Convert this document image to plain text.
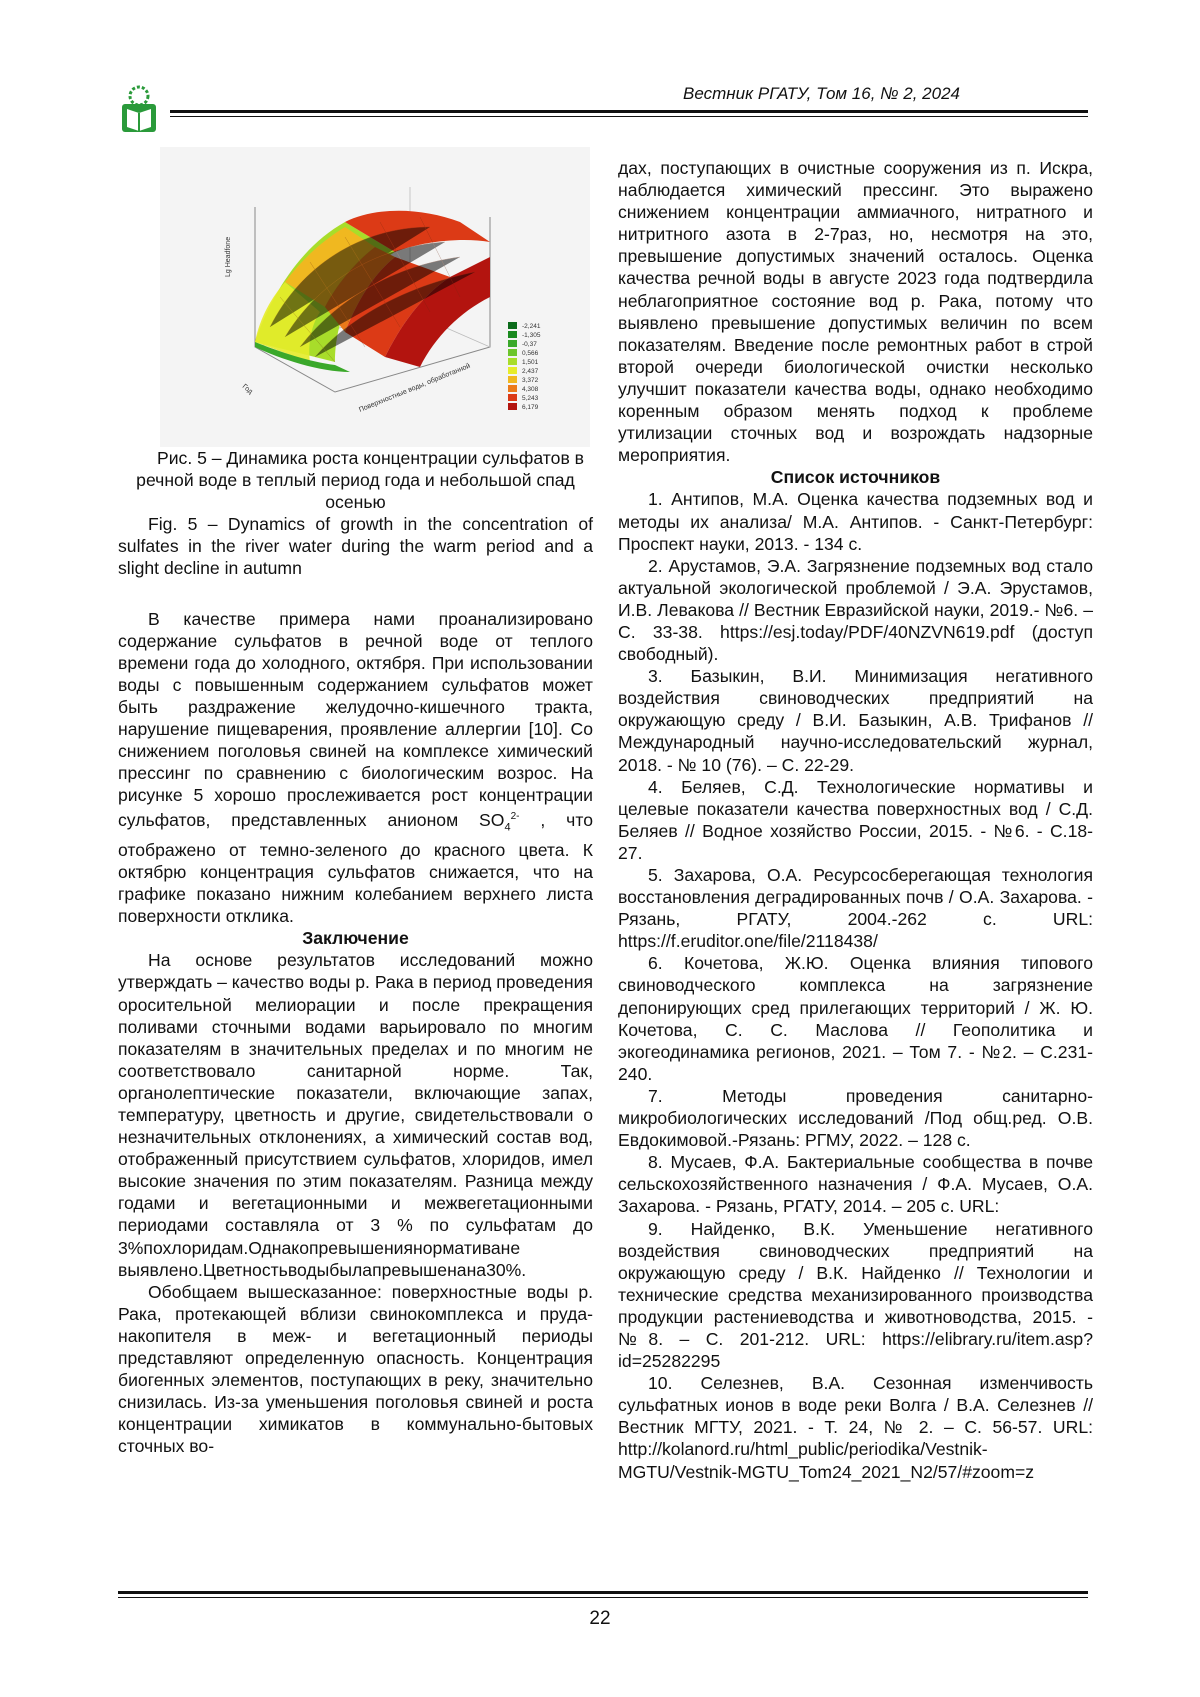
Вестник РГАТУ, Том 16, № 2, 2024
Lg Headfone
Поверхностные воды, обработанной
Год
-2,241
-1,305
-0,37
0,566
1,501
2,437
3,372
4,308
5,243
6,179

Рис. 5 – Динамика роста концентрации сульфатов в речной воде в теплый период года и небольшой спад осенью

Fig. 5 – Dynamics of growth in the concentration of sulfates in the river water during the warm period and a slight decline in autumn

В качестве примера нами проанализировано содержание сульфатов в речной воде от теплого времени года до холодного, октября. При использовании воды с повышенным содержанием сульфатов может быть раздражение желудочно-кишечного тракта, нарушение пищеварения, проявление аллергии [10]. Со снижением поголовья свиней на комплексе химический прессинг по сравнению с биологическим возрос. На рисунке 5 хорошо прослеживается рост концентрации сульфатов, представленных анионом $SO_4^{2-}$ , что отображено от темно-зеленого до красного цвета. К октябрю концентрация сульфатов снижается, что на графике показано нижним колебанием верхнего листа поверхности отклика.

Заключение

На основе результатов исследований можно утверждать – качество воды р. Рака в период проведения оросительной мелиорации и после прекращения поливами сточными водами варьировало по многим показателям в значительных пределах и по многим не соответствовало санитарной норме. Так, органолептические показатели, включающие запах, температуру, цветность и другие, свидетельствовали о незначительных отклонениях, а химический состав вод, отображенный присутствием сульфатов, хлоридов, имел высокие значения по этим показателям. Разница между годами и вегетационными и межвегетационными периодами составляла от 3 % по сульфатам до 3%похлоридам.Однакопревышениянормативане выявлено.Цветностьводыбылапревышенана30%.

Обобщаем вышесказанное: поверхностные воды р. Рака, протекающей вблизи свинокомплекса и пруда-накопителя в меж- и вегетационный периоды представляют определенную опасность. Концентрация биогенных элементов, поступающих в реку, значительно снизилась. Из-за уменьшения поголовья свиней и роста концентрации химикатов в коммунально-бытовых сточных во-

дах, поступающих в очистные сооружения из п. Искра, наблюдается химический прессинг. Это выражено снижением концентрации аммиачного, нитратного и нитритного азота в 2-7раз, но, несмотря на это, превышение допустимых значений осталось. Оценка качества речной воды в августе 2023 года подтвердила неблагоприятное состояние вод р. Рака, потому что выявлено превышение допустимых величин по всем показателям. Введение после ремонтных работ в строй второй очереди биологической очистки несколько улучшит показатели качества воды, однако необходимо коренным образом менять подход к проблеме утилизации сточных вод и возрождать надзорные мероприятия.

Список источников

1. Антипов, М.А. Оценка качества подземных вод и методы их анализа/ М.А. Антипов. - Санкт-Петербург: Проспект науки, 2013. - 134 с.

2. Арустамов, Э.А. Загрязнение подземных вод стало актуальной экологической проблемой / Э.А. Эрустамов, И.В. Левакова // Вестник Евразийской науки, 2019.- №6. – С. 33-38. https://esj.today/PDF/40NZVN619.pdf (доступ свободный).

3. Базыкин, В.И. Минимизация негативного воздействия свиноводческих предприятий на окружающую среду / В.И. Базыкин, А.В. Трифанов // Международный научно-исследовательский журнал, 2018. - № 10 (76). – С. 22-29.

4. Беляев, С.Д. Технологические нормативы и целевые показатели качества поверхностных вод / С.Д. Беляев // Водное хозяйство России, 2015. - №6. - С.18-27.

5. Захарова, О.А. Ресурсосберегающая технология восстановления деградированных почв / О.А. Захарова. - Рязань, РГАТУ, 2004.-262 с. URL: https://f.eruditor.one/file/2118438/

6. Кочетова, Ж.Ю. Оценка влияния типового свиноводческого комплекса на загрязнение депонирующих сред прилегающих территорий / Ж. Ю. Кочетова, С. С. Маслова // Геополитика и экогеодинамика регионов, 2021. – Том 7. - №2. – С.231-240.

7. Методы проведения санитарно-микробиологических исследований /Под общ.ред. О.В. Евдокимовой.-Рязань: РГМУ, 2022. – 128 с.

8. Мусаев, Ф.А. Бактериальные сообщества в почве сельскохозяйственного назначения / Ф.А. Мусаев, О.А. Захарова. - Рязань, РГАТУ, 2014. – 205 с. URL:

9. Найденко, В.К. Уменьшение негативного воздействия свиноводческих предприятий на окружающую среду / В.К. Найденко // Технологии и технические средства механизированного производства продукции растениеводства и животноводства, 2015. - №8. – С. 201-212. URL: https://elibrary.ru/item.asp?id=25282295

10. Селезнев, В.А. Сезонная изменчивость сульфатных ионов в воде реки Волга / В.А. Селезнев // Вестник МГТУ, 2021. - Т. 24, № 2. – С. 56-57. URL: http://kolanord.ru/html_public/periodika/Vestnik-MGTU/Vestnik-MGTU_Tom24_2021_N2/57/#zoom=z

22
